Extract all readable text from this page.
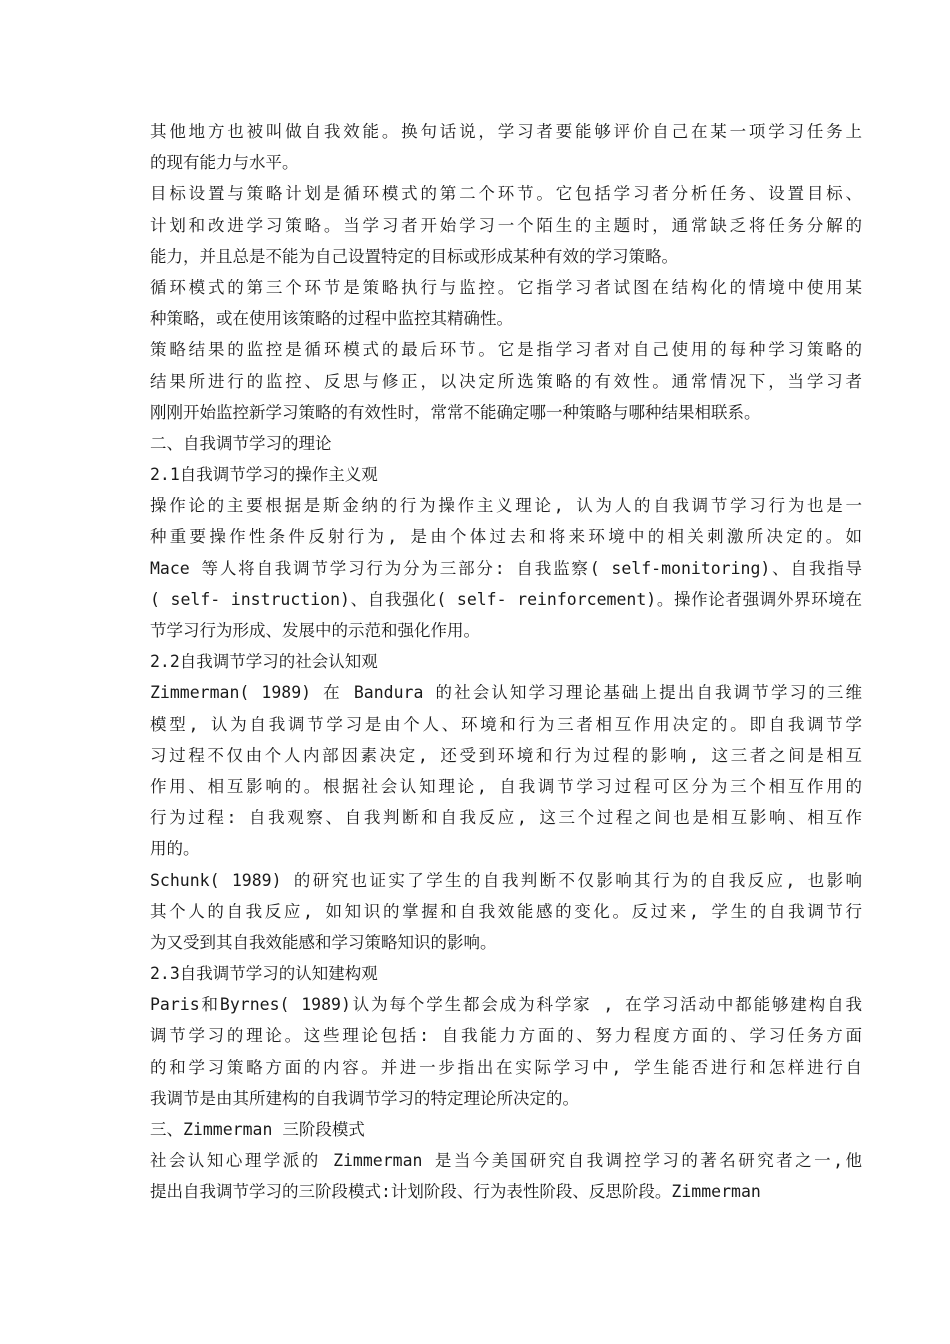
其他地方也被叫做自我效能。换句话说，学习者要能够评价自己在某一项学习任务上
的现有能力与水平。
目标设置与策略计划是循环模式的第二个环节。它包括学习者分析任务、设置目标、
计划和改进学习策略。当学习者开始学习一个陌生的主题时，通常缺乏将任务分解的
能力，并且总是不能为自己设置特定的目标或形成某种有效的学习策略。
循环模式的第三个环节是策略执行与监控。它指学习者试图在结构化的情境中使用某
种策略，或在使用该策略的过程中监控其精确性。
策略结果的监控是循环模式的最后环节。它是指学习者对自己使用的每种学习策略的
结果所进行的监控、反思与修正，以决定所选策略的有效性。通常情况下，当学习者
刚刚开始监控新学习策略的有效性时，常常不能确定哪一种策略与哪种结果相联系。
二、自我调节学习的理论
2.1自我调节学习的操作主义观
操作论的主要根据是斯金纳的行为操作主义理论, 认为人的自我调节学习行为也是一
种重要操作性条件反射行为, 是由个体过去和将来环境中的相关刺激所决定的。如
Mace 等人将自我调节学习行为分为三部分: 自我监察( self-monitoring)、自我指导
( self- instruction)、自我强化( self- reinforcement)。操作论者强调外界环境在
节学习行为形成、发展中的示范和强化作用。
2.2自我调节学习的社会认知观
Zimmerman( 1989) 在 Bandura 的社会认知学习理论基础上提出自我调节学习的三维
模型, 认为自我调节学习是由个人、环境和行为三者相互作用决定的。即自我调节学
习过程不仅由个人内部因素决定, 还受到环境和行为过程的影响, 这三者之间是相互
作用、相互影响的。根据社会认知理论, 自我调节学习过程可区分为三个相互作用的
行为过程: 自我观察、自我判断和自我反应, 这三个过程之间也是相互影响、相互作
用的。
Schunk( 1989) 的研究也证实了学生的自我判断不仅影响其行为的自我反应, 也影响
其个人的自我反应, 如知识的掌握和自我效能感的变化。反过来, 学生的自我调节行
为又受到其自我效能感和学习策略知识的影响。
2.3自我调节学习的认知建构观
Paris和Byrnes( 1989)认为每个学生都会成为科学家 , 在学习活动中都能够建构自我
调节学习的理论。这些理论包括: 自我能力方面的、努力程度方面的、学习任务方面
的和学习策略方面的内容。并进一步指出在实际学习中, 学生能否进行和怎样进行自
我调节是由其所建构的自我调节学习的特定理论所决定的。
三、Zimmerman 三阶段模式
社会认知心理学派的 Zimmerman 是当今美国研究自我调控学习的著名研究者之一,他
提出自我调节学习的三阶段模式:计划阶段、行为表性阶段、反思阶段。Zimmerman
